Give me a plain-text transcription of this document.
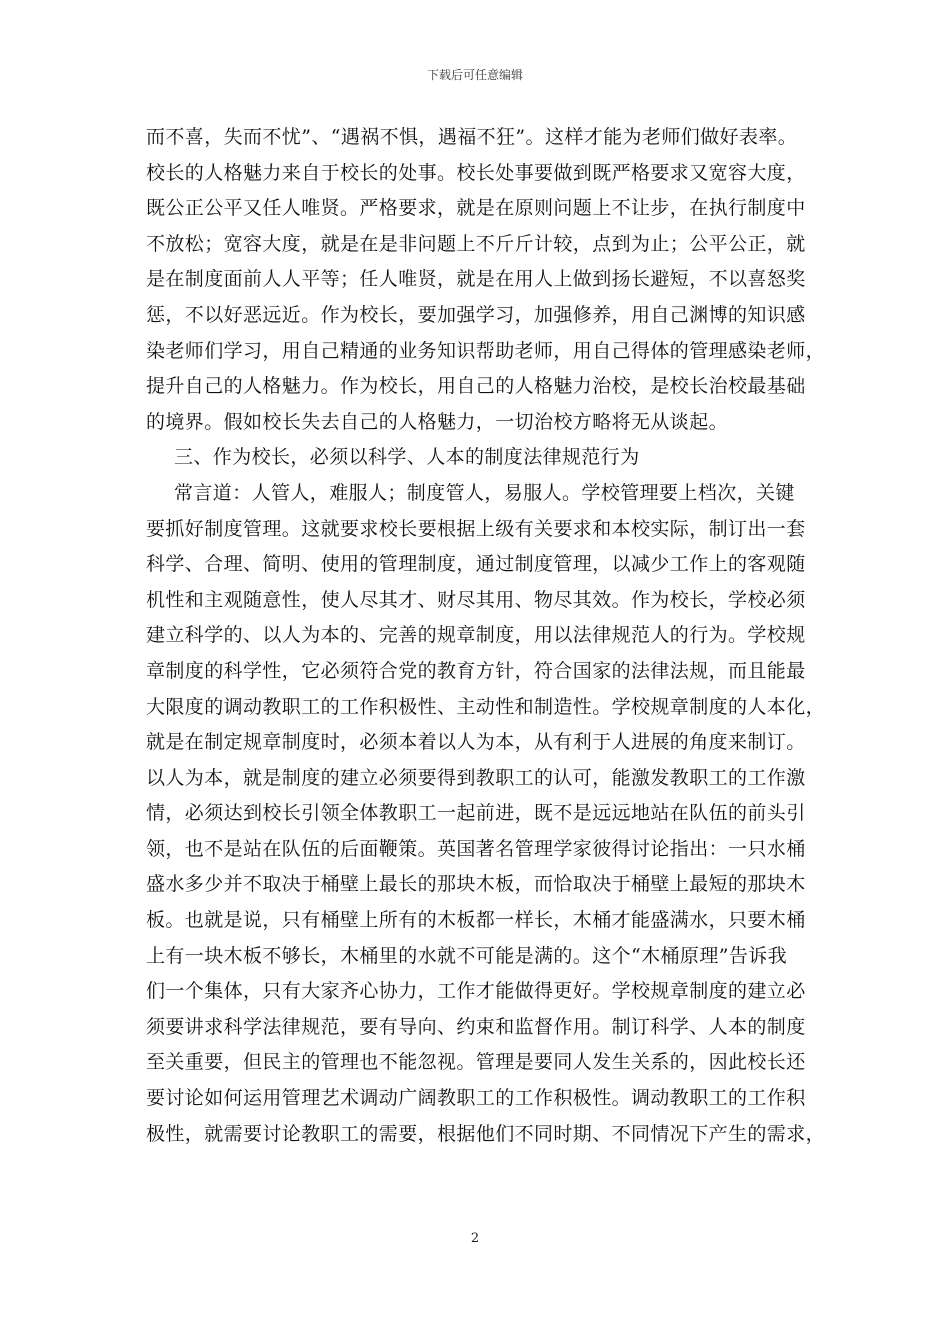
下载后可任意编辑
而不喜，失而不忧”、“遇祸不惧，遇福不狂”。这样才能为老师们做好表率。
校长的人格魅力来自于校长的处事。校长处事要做到既严格要求又宽容大度，
既公正公平又任人唯贤。严格要求，就是在原则问题上不让步，在执行制度中
不放松；宽容大度，就是在是非问题上不斤斤计较，点到为止；公平公正，就
是在制度面前人人平等；任人唯贤，就是在用人上做到扬长避短，不以喜怒奖
惩，不以好恶远近。作为校长，要加强学习，加强修养，用自己渊博的知识感
染老师们学习，用自己精通的业务知识帮助老师，用自己得体的管理感染老师，
提升自己的人格魅力。作为校长，用自己的人格魅力治校，是校长治校最基础
的境界。假如校长失去自己的人格魅力，一切治校方略将无从谈起。
三、作为校长，必须以科学、人本的制度法律规范行为
常言道：人管人，难服人；制度管人，易服人。学校管理要上档次，关键
要抓好制度管理。这就要求校长要根据上级有关要求和本校实际，制订出一套
科学、合理、简明、使用的管理制度，通过制度管理，以减少工作上的客观随
机性和主观随意性，使人尽其才、财尽其用、物尽其效。作为校长，学校必须
建立科学的、以人为本的、完善的规章制度，用以法律规范人的行为。学校规
章制度的科学性，它必须符合党的教育方针，符合国家的法律法规，而且能最
大限度的调动教职工的工作积极性、主动性和制造性。学校规章制度的人本化，
就是在制定规章制度时，必须本着以人为本，从有利于人进展的角度来制订。
以人为本，就是制度的建立必须要得到教职工的认可，能激发教职工的工作激
情，必须达到校长引领全体教职工一起前进，既不是远远地站在队伍的前头引
领，也不是站在队伍的后面鞭策。英国著名管理学家彼得讨论指出：一只水桶
盛水多少并不取决于桶壁上最长的那块木板，而恰取决于桶壁上最短的那块木
板。也就是说，只有桶壁上所有的木板都一样长，木桶才能盛满水，只要木桶
上有一块木板不够长，木桶里的水就不可能是满的。这个“木桶原理”告诉我
们一个集体，只有大家齐心协力，工作才能做得更好。学校规章制度的建立必
须要讲求科学法律规范，要有导向、约束和监督作用。制订科学、人本的制度
至关重要，但民主的管理也不能忽视。管理是要同人发生关系的，因此校长还
要讨论如何运用管理艺术调动广阔教职工的工作积极性。调动教职工的工作积
极性，就需要讨论教职工的需要，根据他们不同时期、不同情况下产生的需求，
2
